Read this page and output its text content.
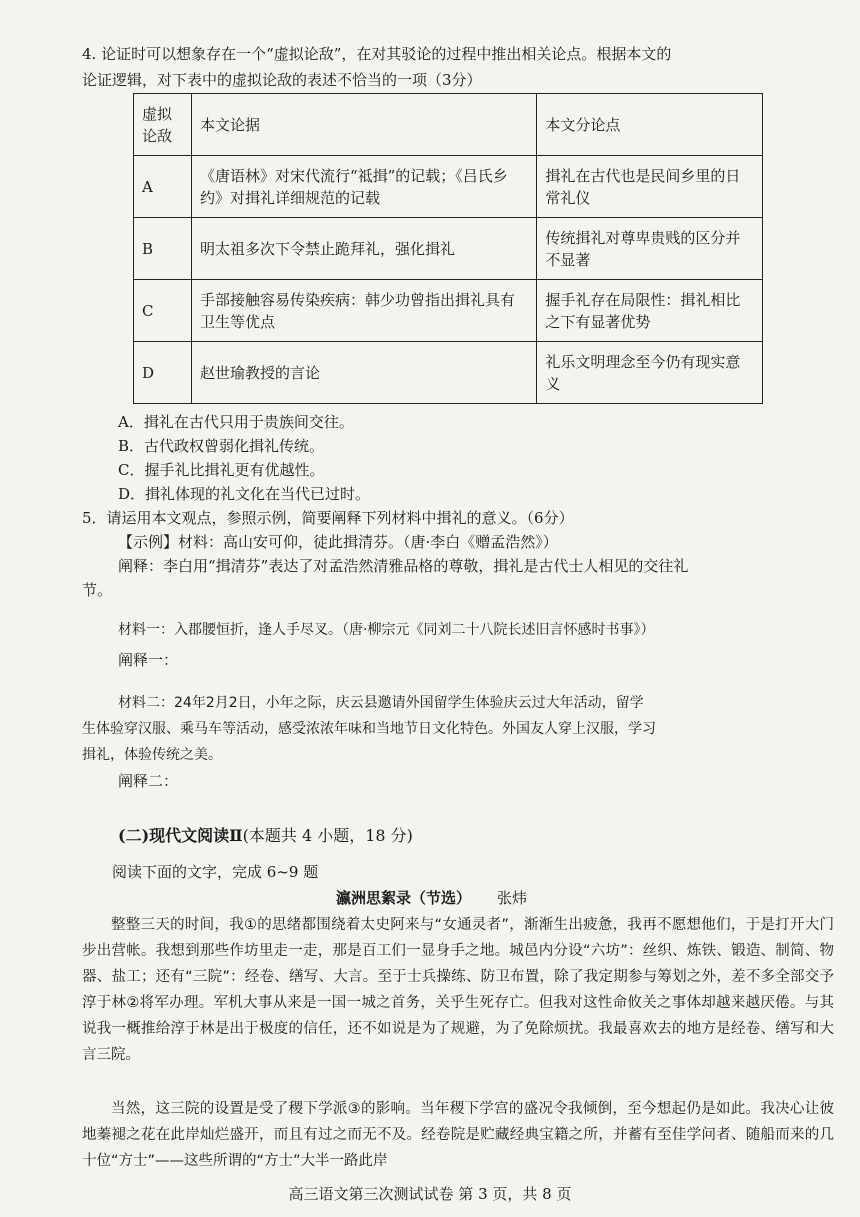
4. 论证时可以想象存在一个“虚拟论敌”，在对其驳论的过程中推出相关论点。根据本文的
论证逻辑，对下表中的虚拟论敌的表述不恰当的一项（3分）
虚拟论敌	本文论据	本文分论点
A	《唐语林》对宋代流行“祗揖”的记载；《吕氏乡约》对揖礼详细规范的记载	揖礼在古代也是民间乡里的日常礼仪
B	明太祖多次下令禁止跪拜礼，强化揖礼	传统揖礼对尊卑贵贱的区分并不显著
C	手部接触容易传染疾病：韩少功曾指出揖礼具有卫生等优点	握手礼存在局限性：揖礼相比之下有显著优势
D	赵世瑜教授的言论	礼乐文明理念至今仍有现实意义
A．揖礼在古代只用于贵族间交往。
B．古代政权曾弱化揖礼传统。
C．握手礼比揖礼更有优越性。
D．揖礼体现的礼文化在当代已过时。
5．请运用本文观点，参照示例，简要阐释下列材料中揖礼的意义。（6分）
【示例】材料：高山安可仰，徒此揖清芬。（唐·李白《赠孟浩然》）
阐释：李白用“揖清芬”表达了对孟浩然清雅品格的尊敬，揖礼是古代士人相见的交往礼
节。
材料一：入郡腰恒折，逢人手尽叉。（唐·柳宗元《同刘二十八院长述旧言怀感时书事》）
阐释一：
材料二：24年2月2日，小年之际，庆云县邀请外国留学生体验庆云过大年活动，留学
生体验穿汉服、乘马车等活动，感受浓浓年味和当地节日文化特色。外国友人穿上汉服，学习
揖礼，体验传统之美。
阐释二：
(二)现代文阅读Ⅱ(本题共 4 小题，18 分)
阅读下面的文字，完成 6~9 题
瀛洲思絮录（节选） 张炜
整整三天的时间，我①的思绪都围绕着太史阿来与“女通灵者”，渐渐生出疲惫，我再不愿想他们，于是打开大门步出营帐。我想到那些作坊里走一走，那是百工们一显身手之地。城邑内分设“六坊”：丝织、炼铁、锻造、制简、物器、盐工；还有“三院”：经卷、缮写、大言。至于士兵操练、防卫布置，除了我定期参与筹划之外，差不多全部交予淳于林②将军办理。军机大事从来是一国一城之首务，关乎生死存亡。但我对这性命攸关之事体却越来越厌倦。与其说我一概推给淳于林是出于极度的信任，还不如说是为了规避，为了免除烦扰。我最喜欢去的地方是经卷、缮写和大言三院。
当然，这三院的设置是受了稷下学派③的影响。当年稷下学宫的盛况令我倾倒，至今想起仍是如此。我决心让彼地蓁褪之花在此岸灿烂盛开，而且有过之而无不及。经卷院是贮藏经典宝籍之所，并蓄有至佳学问者、随船而来的几十位“方士”——这些所谓的“方士”大半一路此岸
高三语文第三次测试试卷 第 3 页，共 8 页
